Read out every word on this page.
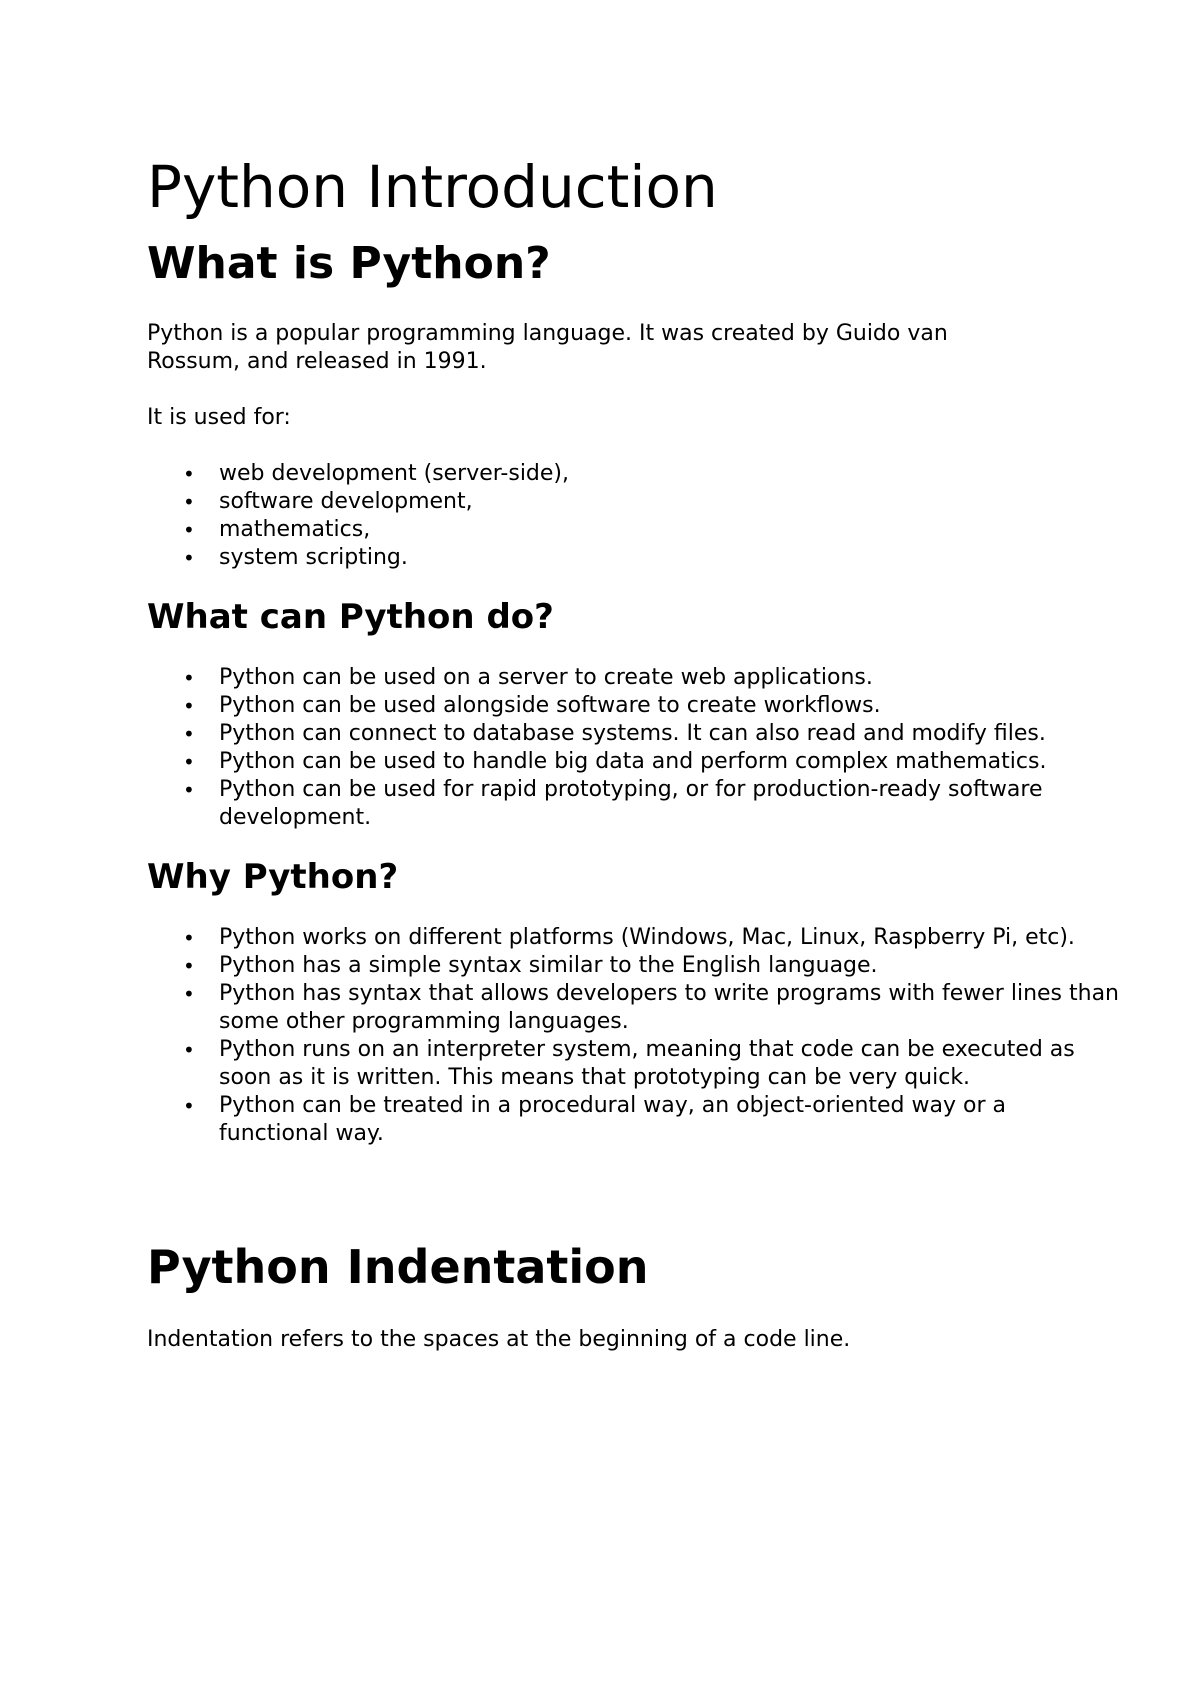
Python Introduction
What is Python?

Python is a popular programming language. It was created by Guido van Rossum, and released in 1991.

It is used for:

• web development (server-side),
• software development,
• mathematics,
• system scripting.
What can Python do?
• Python can be used on a server to create web applications.
• Python can be used alongside software to create workflows.
• Python can connect to database systems. It can also read and modify files.
• Python can be used to handle big data and perform complex mathematics.
• Python can be used for rapid prototyping, or for production-ready software development.
Why Python?
• Python works on different platforms (Windows, Mac, Linux, Raspberry Pi, etc).
• Python has a simple syntax similar to the English language.
• Python has syntax that allows developers to write programs with fewer lines than some other programming languages.
• Python runs on an interpreter system, meaning that code can be executed as soon as it is written. This means that prototyping can be very quick.
• Python can be treated in a procedural way, an object-oriented way or a functional way.
Python Indentation

Indentation refers to the spaces at the beginning of a code line.
